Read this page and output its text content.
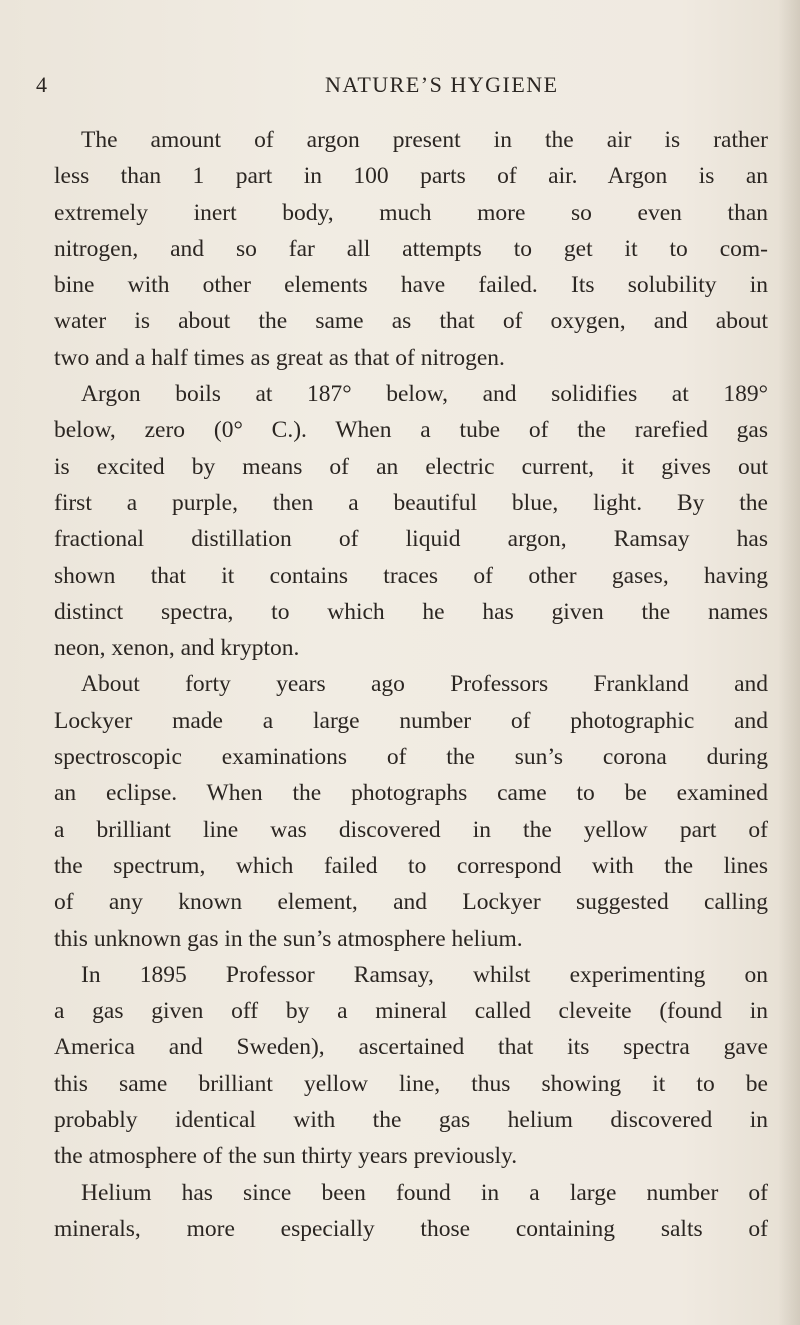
4	NATURE’S HYGIENE
The amount of argon present in the air is rather
less than 1 part in 100 parts of air. Argon is an
extremely inert body, much more so even than
nitrogen, and so far all attempts to get it to com-
bine with other elements have failed. Its solubility in
water is about the same as that of oxygen, and about
two and a half times as great as that of nitrogen.
Argon boils at 187° below, and solidifies at 189°
below, zero (0° C.). When a tube of the rarefied gas
is excited by means of an electric current, it gives out
first a purple, then a beautiful blue, light. By the
fractional distillation of liquid argon, Ramsay has
shown that it contains traces of other gases, having
distinct spectra, to which he has given the names
neon, xenon, and krypton.
About forty years ago Professors Frankland and
Lockyer made a large number of photographic and
spectroscopic examinations of the sun’s corona during
an eclipse. When the photographs came to be examined
a brilliant line was discovered in the yellow part of
the spectrum, which failed to correspond with the lines
of any known element, and Lockyer suggested calling
this unknown gas in the sun’s atmosphere helium.
In 1895 Professor Ramsay, whilst experimenting on
a gas given off by a mineral called cleveite (found in
America and Sweden), ascertained that its spectra gave
this same brilliant yellow line, thus showing it to be
probably identical with the gas helium discovered in
the atmosphere of the sun thirty years previously.
Helium has since been found in a large number of
minerals, more especially those containing salts of
